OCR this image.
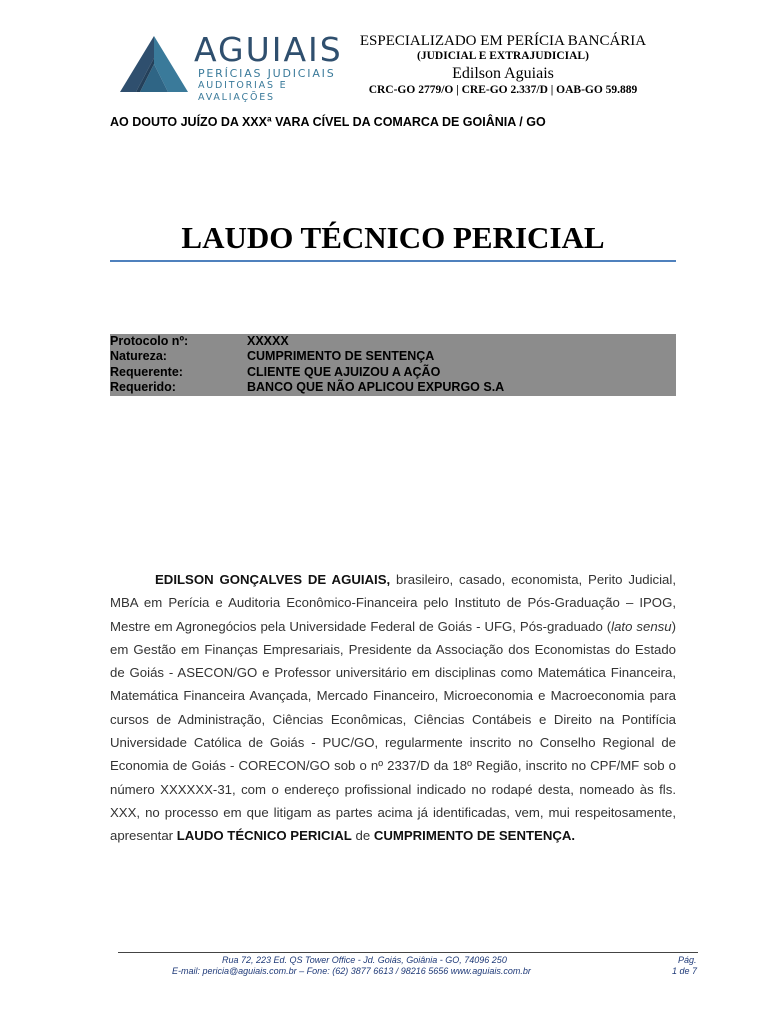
AGUIAIS
PERÍCIAS JUDICIAIS
AUDITORIAS E AVALIAÇÕES
ESPECIALIZADO EM PERÍCIA BANCÁRIA
(JUDICIAL E EXTRAJUDICIAL)
Edilson Aguiais
CRC-GO 2779/O | CRE-GO 2.337/D | OAB-GO 59.889
AO DOUTO JUÍZO DA XXXª VARA CÍVEL DA COMARCA DE GOIÂNIA / GO
LAUDO TÉCNICO PERICIAL
Protocolo nº:	XXXXX
Natureza:	CUMPRIMENTO DE SENTENÇA
Requerente:	CLIENTE QUE AJUIZOU A AÇÃO
Requerido:	BANCO QUE NÃO APLICOU EXPURGO S.A
EDILSON GONÇALVES DE AGUIAIS, brasileiro, casado, economista, Perito Judicial, MBA em Perícia e Auditoria Econômico-Financeira pelo Instituto de Pós-Graduação – IPOG, Mestre em Agronegócios pela Universidade Federal de Goiás - UFG, Pós-graduado (lato sensu) em Gestão em Finanças Empresariais, Presidente da Associação dos Economistas do Estado de Goiás - ASECON/GO e Professor universitário em disciplinas como Matemática Financeira, Matemática Financeira Avançada, Mercado Financeiro, Microeconomia e Macroeconomia para cursos de Administração, Ciências Econômicas, Ciências Contábeis e Direito na Pontifícia Universidade Católica de Goiás - PUC/GO, regularmente inscrito no Conselho Regional de Economia de Goiás - CORECON/GO sob o nº 2337/D da 18º Região, inscrito no CPF/MF sob o número XXXXXX-31, com o endereço profissional indicado no rodapé desta, nomeado às fls. XXX, no processo em que litigam as partes acima já identificadas, vem, mui respeitosamente, apresentar LAUDO TÉCNICO PERICIAL de CUMPRIMENTO DE SENTENÇA.
Rua 72, 223 Ed. QS Tower Office - Jd. Goiás, Goiânia - GO, 74096 250
E-mail: pericia@aguiais.com.br – Fone: (62) 3877 6613 / 98216 5656 www.aguiais.com.br
Pág.
1 de 7
